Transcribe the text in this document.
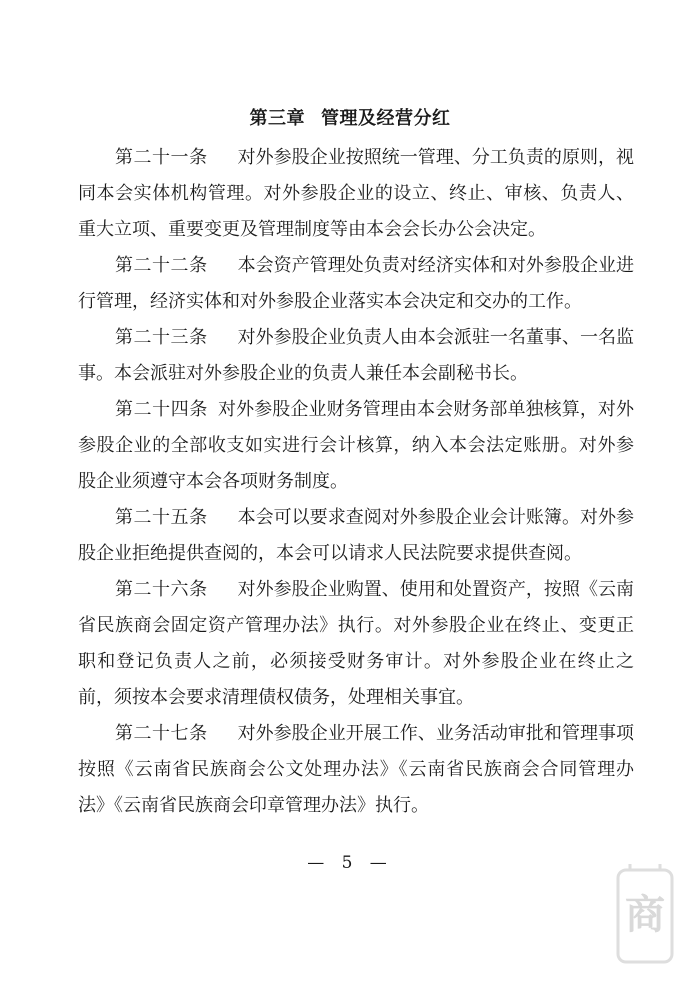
第三章 管理及经营分红

第二十一条 对外参股企业按照统一管理、分工负责的原则，视同本会实体机构管理。对外参股企业的设立、终止、审核、负责人、重大立项、重要变更及管理制度等由本会会长办公会决定。

第二十二条 本会资产管理处负责对经济实体和对外参股企业进行管理，经济实体和对外参股企业落实本会决定和交办的工作。

第二十三条 对外参股企业负责人由本会派驻一名董事、一名监事。本会派驻对外参股企业的负责人兼任本会副秘书长。

第二十四条 对外参股企业财务管理由本会财务部单独核算，对外参股企业的全部收支如实进行会计核算，纳入本会法定账册。对外参股企业须遵守本会各项财务制度。

第二十五条 本会可以要求查阅对外参股企业会计账簿。对外参股企业拒绝提供查阅的，本会可以请求人民法院要求提供查阅。

第二十六条 对外参股企业购置、使用和处置资产，按照《云南省民族商会固定资产管理办法》执行。对外参股企业在终止、变更正职和登记负责人之前，必须接受财务审计。对外参股企业在终止之前，须按本会要求清理债权债务，处理相关事宜。

第二十七条 对外参股企业开展工作、业务活动审批和管理事项按照《云南省民族商会公文处理办法》《云南省民族商会合同管理办法》《云南省民族商会印章管理办法》执行。

— 5 —
商
